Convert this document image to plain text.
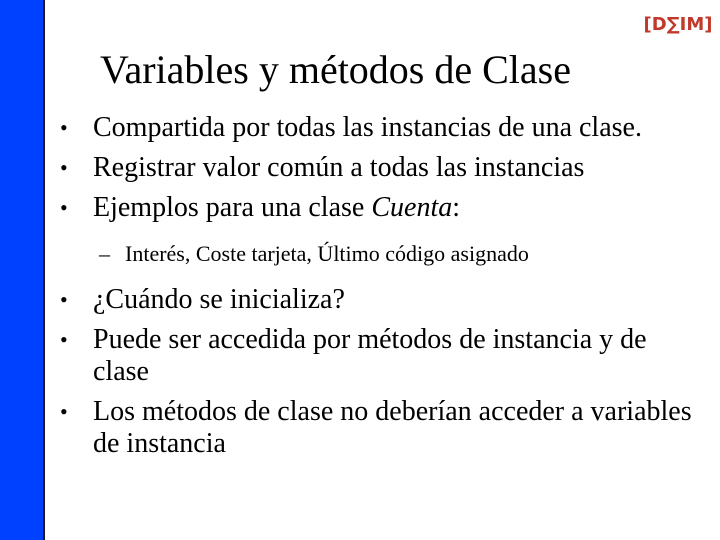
[D∑IM]
Variables y métodos de Clase
• Compartida por todas las instancias de una clase.
• Registrar valor común a todas las instancias
• Ejemplos para una clase Cuenta:
– Interés, Coste tarjeta, Último código asignado
• ¿Cuándo se inicializa?
• Puede ser accedida por métodos de instancia y de clase
• Los métodos de clase no deberían acceder a variables de instancia
